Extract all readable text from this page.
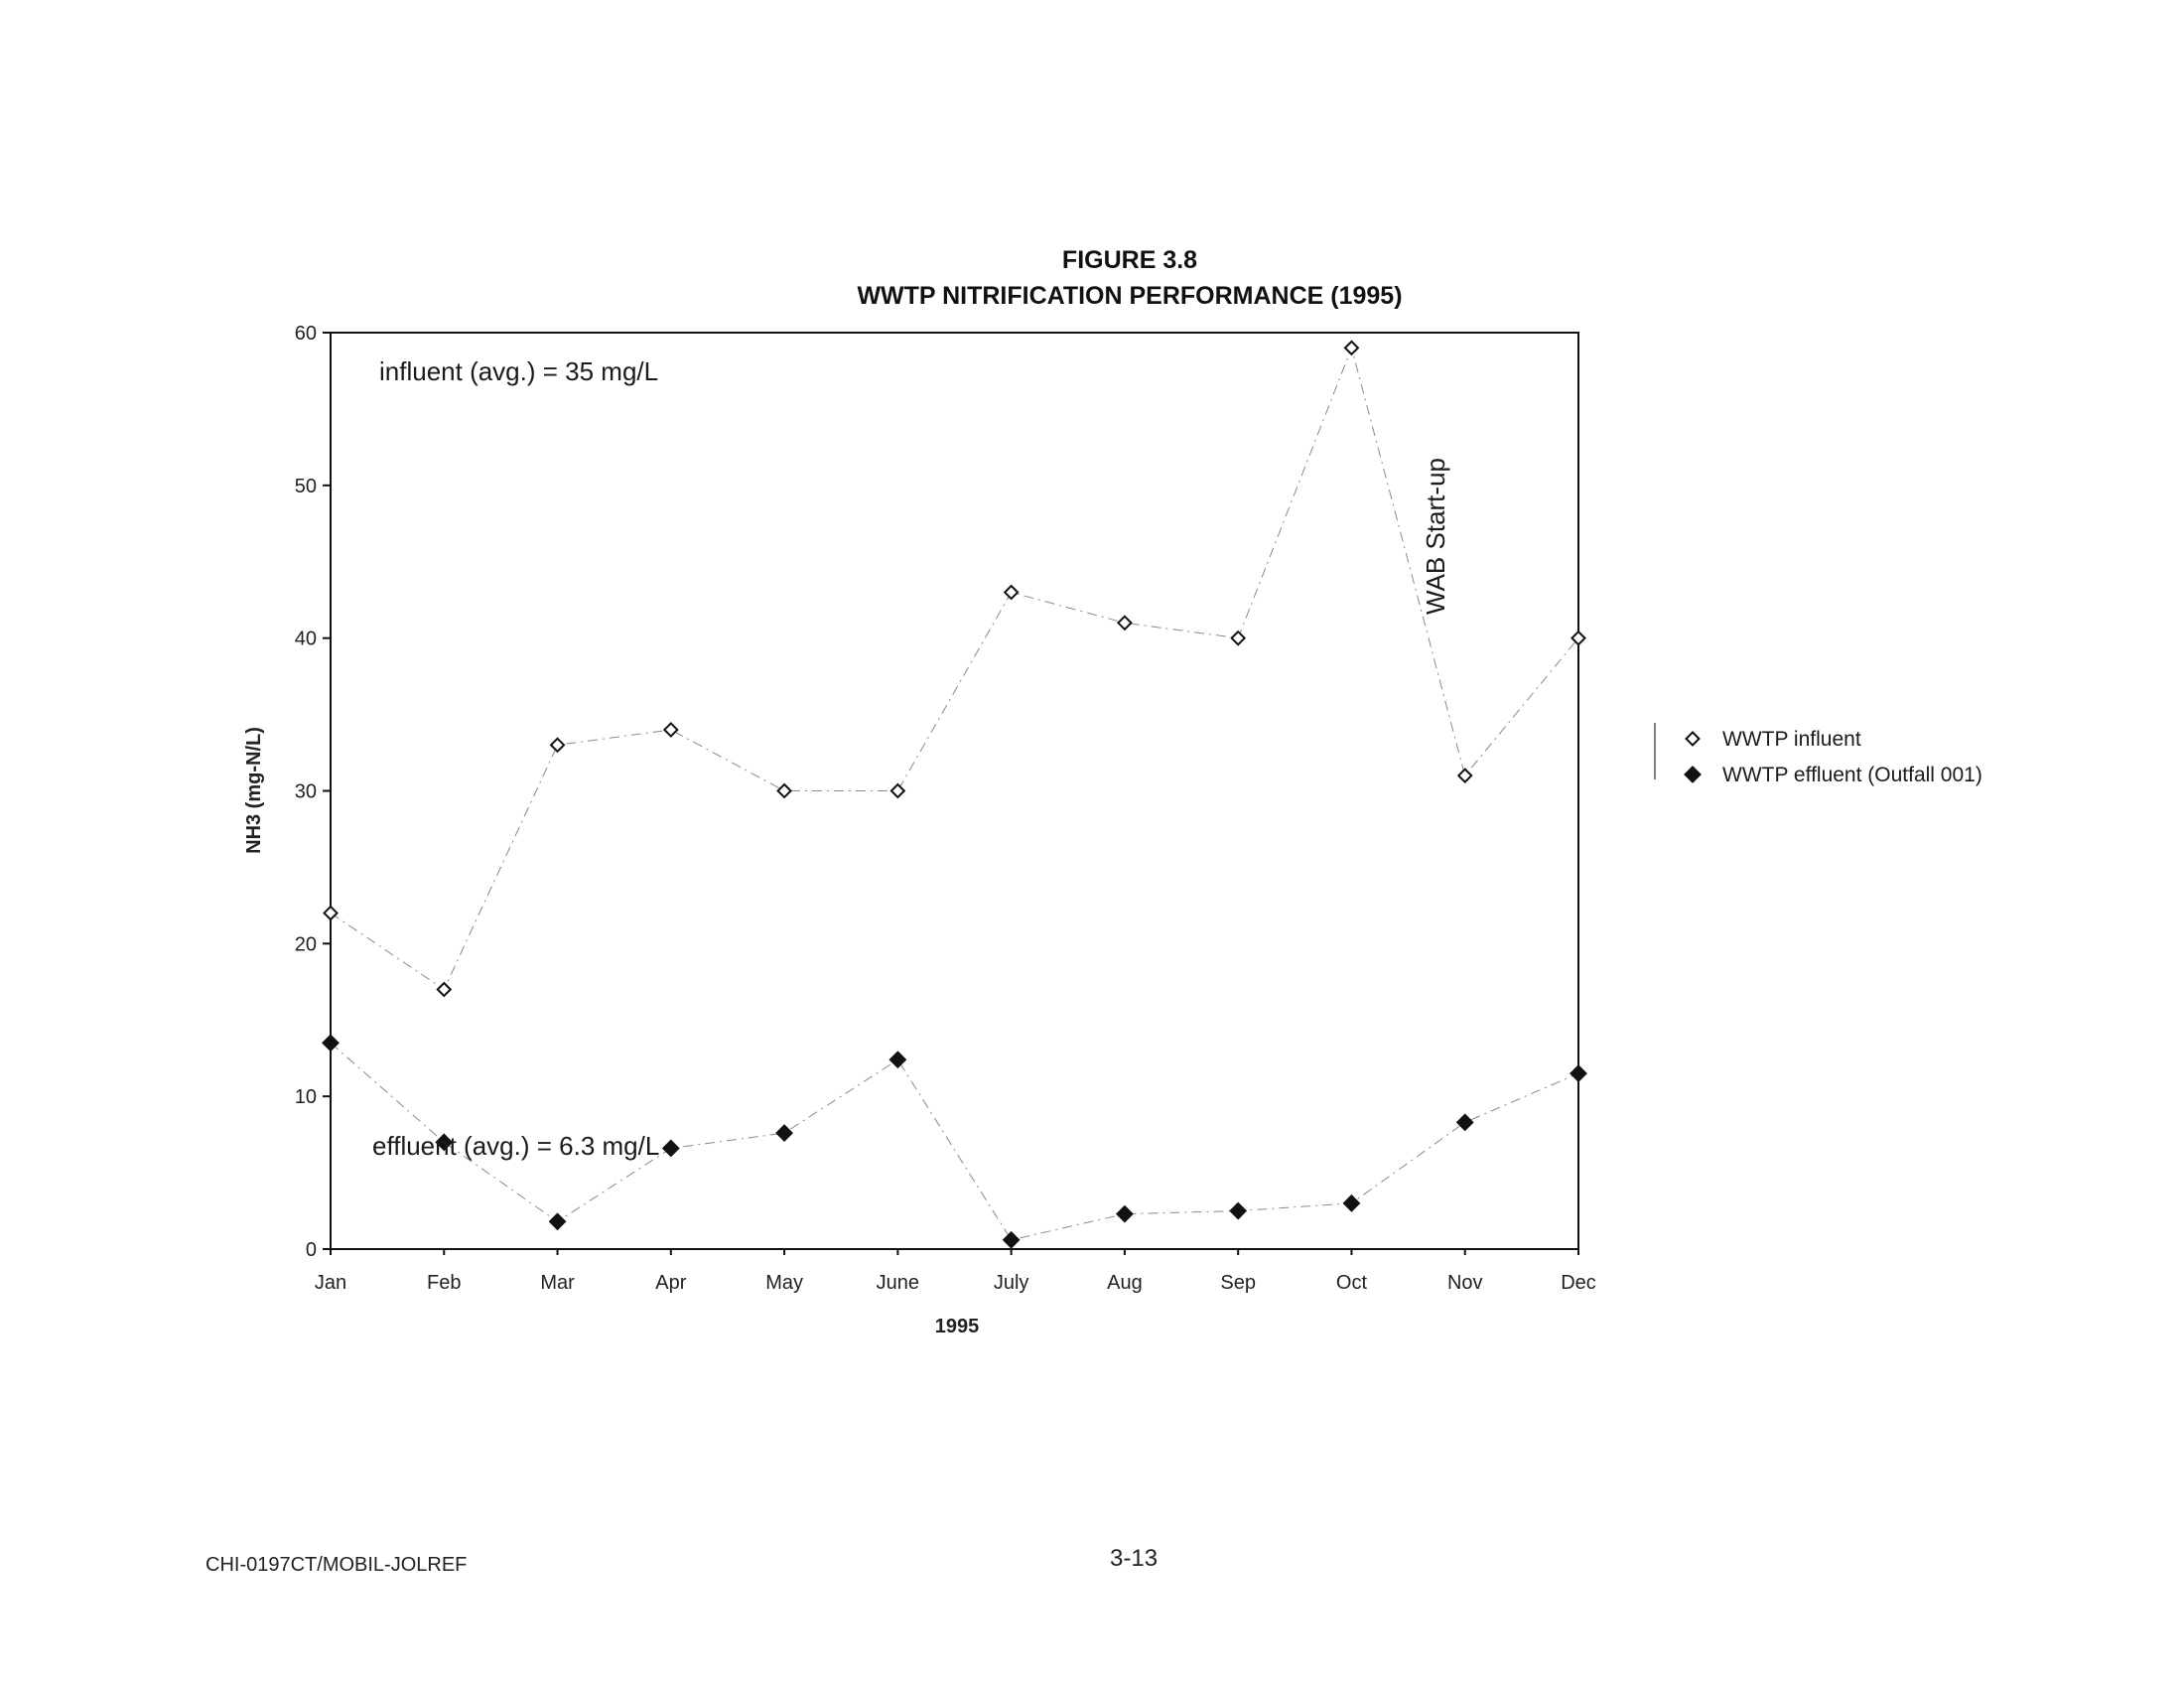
FIGURE 3.8
WWTP NITRIFICATION PERFORMANCE (1995)
0
10
20
30
40
50
60
Jan	Feb	Mar	Apr	May	June	July	Aug	Sep	Oct	Nov	Dec
1995
NH3 (mg-N/L)
influent (avg.) = 35 mg/L
effluent (avg.) = 6.3 mg/L
WAB Start-up
WWTP influent
WWTP effluent (Outfall 001)
CHI-0197CT/MOBIL-JOLREF	3-13
